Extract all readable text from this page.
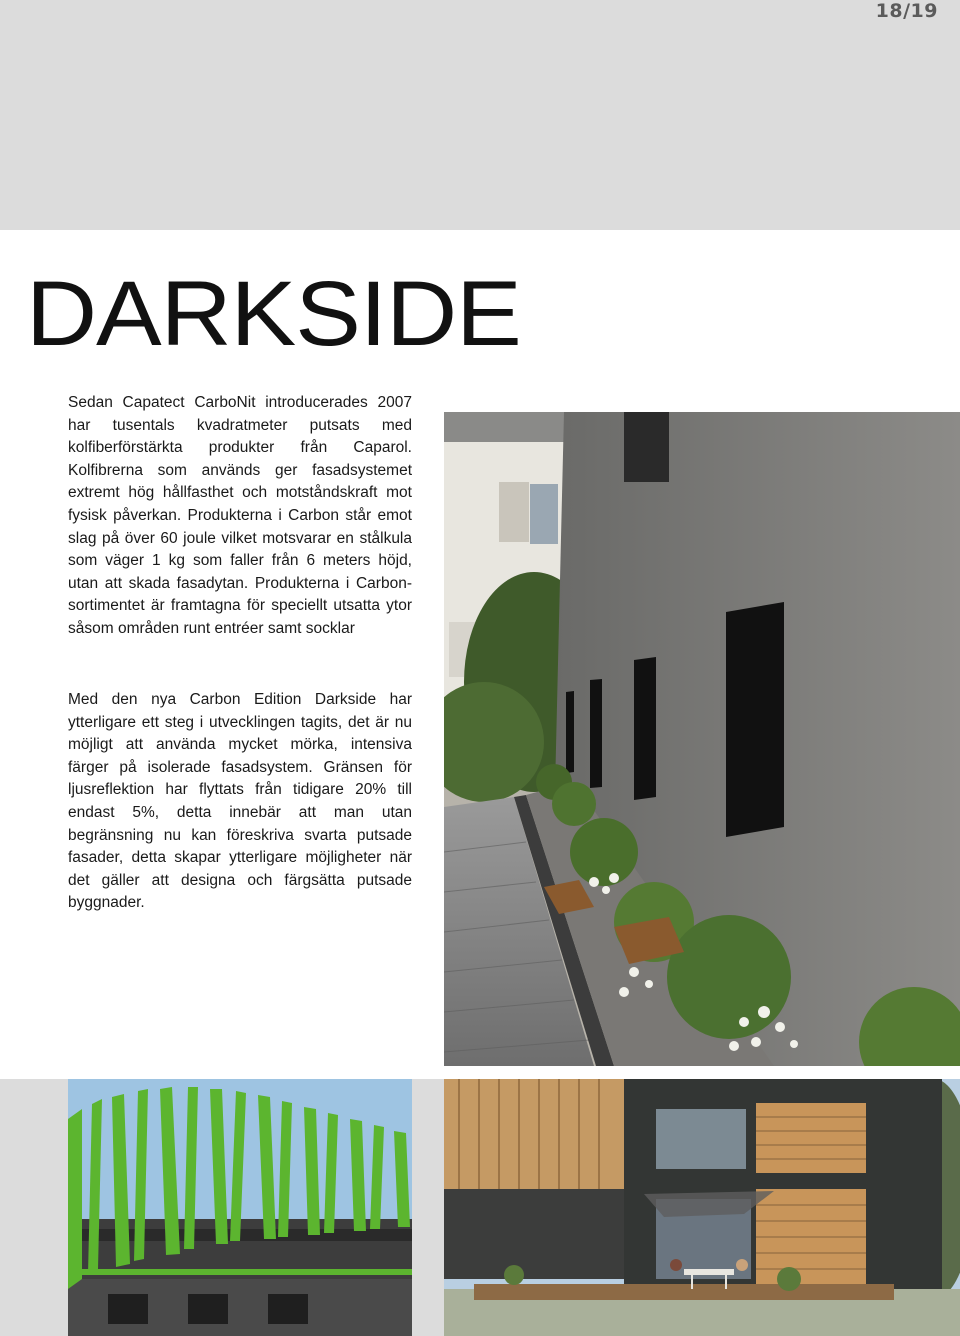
18/19
DARKSIDE

Sedan Capatect CarboNit introducerades 2007 har tusentals kvadratmeter putsats med kolfiberförstärkta produkter från Caparol. Kolfibrerna som används ger fasadsystemet extremt hög hållfasthet och motståndskraft mot fysisk påverkan. Produkterna i Carbon står emot slag på över 60 joule vilket motsvarar en stålkula som väger 1 kg som faller från 6 meters höjd, utan att skada fasadytan. Produkterna i Carbon-sortimentet är framtagna för speciellt utsatta ytor såsom områden runt entréer samt socklar

Med den nya Carbon Edition Darkside har ytterligare ett steg i utvecklingen tagits, det är nu möjligt att använda mycket mörka, intensiva färger på isolerade fasadsystem. Gränsen för ljusreflektion har flyttats från tidigare 20% till endast 5%, detta innebär att man utan begränsning nu kan föreskriva svarta putsade fasader, detta skapar ytterligare möjligheter när det gäller att designa och färgsätta putsade byggnader.
